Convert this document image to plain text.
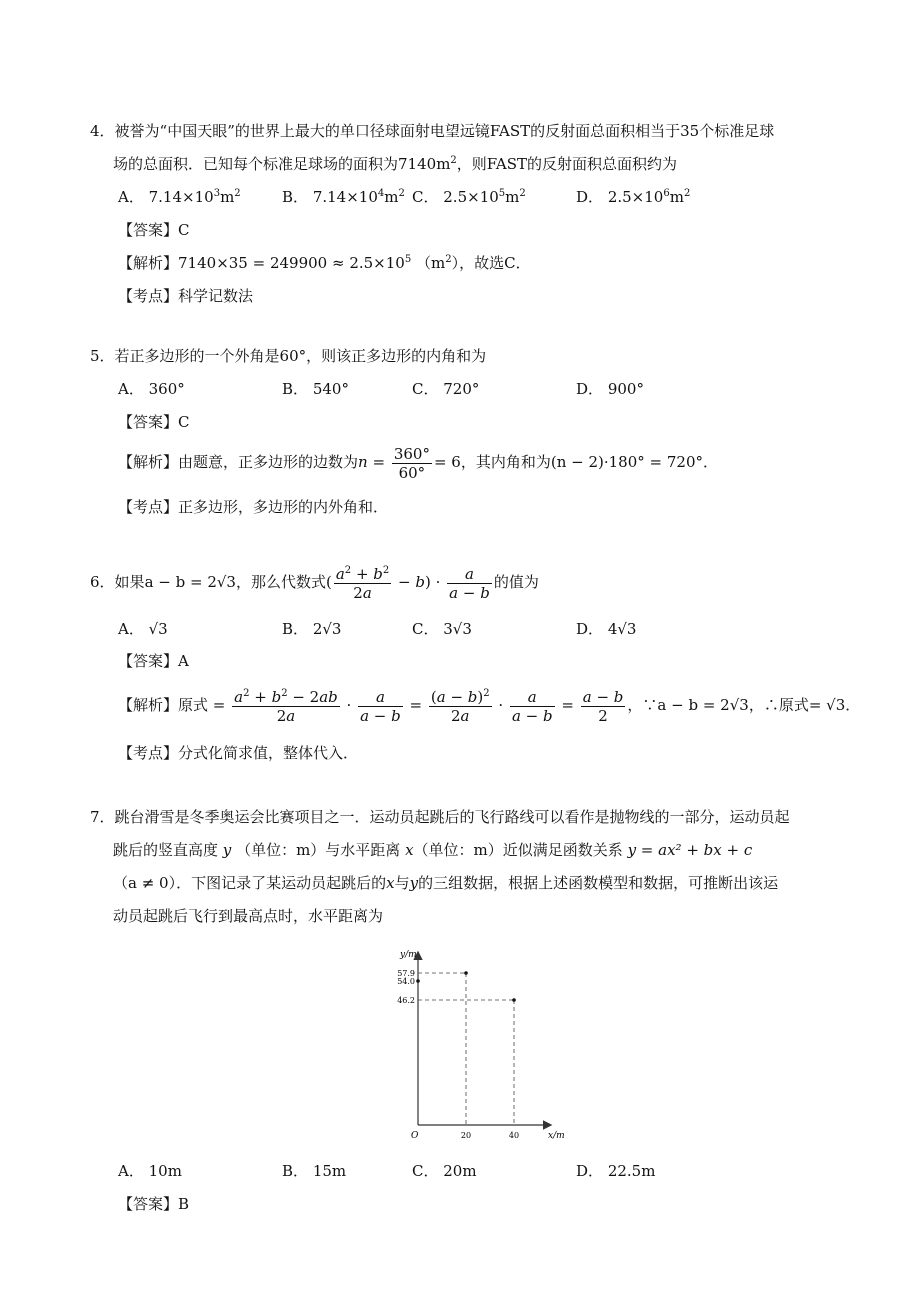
4．被誉为“中国天眼”的世界上最大的单口径球面射电望远镜FAST的反射面总面积相当于35个标准足球
场的总面积．已知每个标准足球场的面积为$7140m^2$，则FAST的反射面积总面积约为
A． $7.14\times 10^3m^2$	B． $7.14\times 10^4m^2$ C． $2.5\times 10^5m^2$	D． $2.5\times 10^6m^2$
【答案】C
【解析】$7140\times 35 = 249900 \approx 2.5\times 10^5$ $(m^2)$，故选C．
【考点】科学记数法
5．若正多边形的一个外角是60°，则该正多边形的内角和为
A． 360°	B． 540°	C． 720°	D． 900°
【答案】C
【解析】由题意，正多边形的边数为$n = \frac{360^\circ}{60^\circ} = 6$，其内角和为(n − 2)·180° = 720°．
【考点】正多边形，多边形的内外角和．
6．如果a − b = 2√3，那么代数式( $\frac{a^2 + b^2}{2a} - b) \cdot \frac{a}{a - b}$ 的值为
A． √3	B． 2√3	C． 3√3	D． 4√3
【答案】A
【解析】原式 = $\frac{a^2 + b^2 - 2ab}{2a} \cdot \frac{a}{a - b} = \frac{(a - b)^2}{2a} \cdot \frac{a}{a - b} = \frac{a - b}{2}$ ，∵a − b = 2√3，∴原式= √3．
【考点】分式化简求值，整体代入．
7．跳台滑雪是冬季奥运会比赛项目之一．运动员起跳后的飞行路线可以看作是抛物线的一部分，运动员起
跳后的竖直高度 y （单位：m）与水平距离 x（单位：m）近似满足函数关系 y = ax² + bx + c
（a ≠ 0）．下图记录了某运动员起跳后的x与y的三组数据，根据上述函数模型和数据，可推断出该运
动员起跳后飞行到最高点时，水平距离为
y/m
x/m
O
57.9
54.0
46.2
20	40
A． 10m	B． 15m	C． 20m	D． 22.5m
【答案】B
